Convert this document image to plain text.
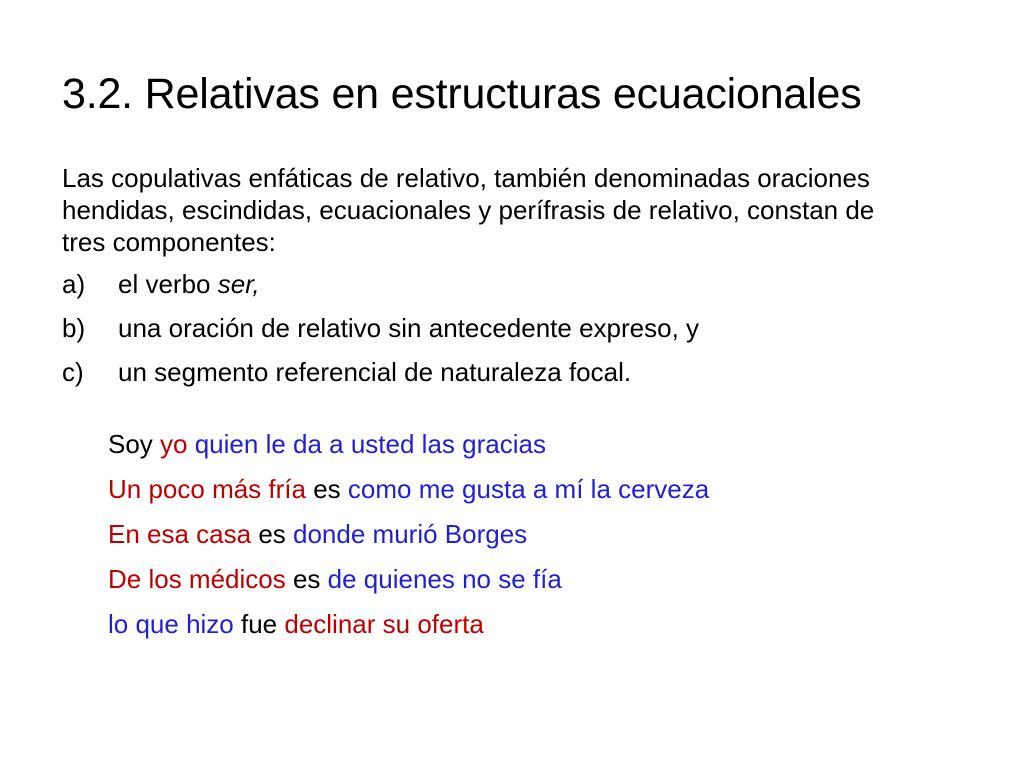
3.2. Relativas en estructuras ecuacionales

Las copulativas enfáticas de relativo, también denominadas oraciones hendidas, escindidas, ecuacionales y perífrasis de relativo, constan de tres componentes:

a)	el verbo ser,
b)	una oración de relativo sin antecedente expreso, y
c)	un segmento referencial de naturaleza focal.
Soy yo quien le da a usted las gracias
Un poco más fría es como me gusta a mí la cerveza
En esa casa es donde murió Borges
De los médicos es de quienes no se fía
lo que hizo fue declinar su oferta
